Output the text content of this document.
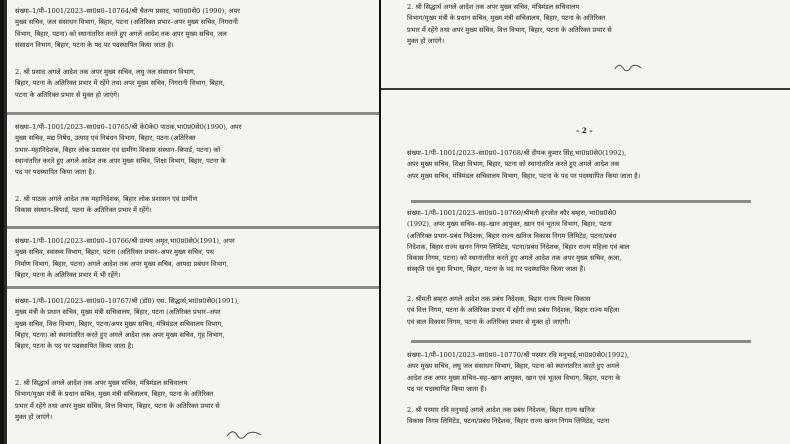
संख्या–1/पी–1001/2023–सा0प्र0–10764/श्री चैतन्य प्रसाद, भा0प्र0से0 (1990), अपर

मुख्य सचिव, जल संसाधन विभाग, बिहार, पटना (अतिरिक्त प्रभार–अपर मुख्य सचिव, निगरानी

विभाग, बिहार, पटना) को स्थानांतरित करते हुए अगले आदेश तक अपर मुख्य सचिव, जल

संसाधन विभाग, बिहार, पटना के पद पर पदस्थापित किया जाता है।

2. श्री प्रसाद अगले आदेश तक अपर मुख्य सचिव, लघु जल संसाधन विभाग,

बिहार, पटना के अतिरिक्त प्रभार में रहेंगे तथा अपर मुख्य सचिव, निगरानी विभाग, बिहार,

पटना के अतिरिक्त प्रभार से मुक्त हो जाएंगे।

संख्या–1/पी–1001/2023–सा0प्र0–10765/श्री के0के0 पाठक,भा0प्र0से0(1990), अपर

मुख्य सचिव, मद्य निषेध, उत्पाद एवं निबंधन विभाग, बिहार, पटना (अतिरिक्त

प्रभार–महानिदेशक, बिहार लोक प्रशासन एवं ग्रामीण विकास संस्थान–बिपार्ड, पटना) को

स्थानांतरित करते हुए अगले आदेश तक अपर मुख्य सचिव, शिक्षा विभाग, बिहार, पटना के

पद पर पदस्थापित किया जाता है।

2. श्री पाठक अगले आदेश तक महानिदेशक, बिहार लोक प्रशासन एवं ग्रामीण

विकास संस्थान–बिपार्ड, पटना के अतिरिक्त प्रभार में रहेंगे।

संख्या–1/पी–1001/2023–सा0प्र0–10766/श्री प्रत्यय अमृत,भा0प्र0से0(1991), अपर

मुख्य सचिव, स्वास्थ्य विभाग, बिहार, पटना (अतिरिक्त प्रभार–अपर मुख्य सचिव, पथ

निर्माण विभाग, बिहार, पटना) अगले आदेश तक अपर मुख्य सचिव, आपदा प्रबंधन विभाग,

बिहार, पटना के अतिरिक्त प्रभार में भी रहेंगे।

संख्या–1/पी–1001/2023–सा0प्र0–10767/श्री (डॉ0) एस. सिद्धार्थ,भा0प्र0से0(1991),

मुख्य मंत्री के प्रधान सचिव, मुख्य मंत्री सचिवालय, बिहार, पटना (अतिरिक्त प्रभार–अपर

मुख्य सचिव, वित्त विभाग, बिहार, पटना/अपर मुख्य सचिव, मंत्रिमंडल सचिवालय विभाग,

बिहार, पटना) को स्थानांतरित करते हुए अगले आदेश तक अपर मुख्य सचिव, गृह विभाग,

बिहार, पटना के पद पर पदस्थापित किया जाता है।

2. श्री सिद्धार्थ अगले आदेश तक अपर मुख्य सचिव, मंत्रिमंडल सचिवालय

विभाग/मुख्य मंत्री के प्रधान सचिव, मुख्य मंत्री सचिवालय, बिहार, पटना के अतिरिक्त

प्रभार में रहेंगे तथा अपर मुख्य सचिव, वित्त विभाग, बिहार, पटना के अतिरिक्त प्रभार से

मुक्त हो जाएंगे।

2. श्री सिद्धार्थ अगले आदेश तक अपर मुख्य सचिव, मंत्रिमंडल सचिवालय

विभाग/मुख्य मंत्री के प्रधान सचिव, मुख्य मंत्री सचिवालय, बिहार, पटना के अतिरिक्त

प्रभार में रहेंगे तथा अपर मुख्य सचिव, वित्त विभाग, बिहार, पटना के अतिरिक्त प्रभार से

मुक्त हो जाएंगे।

– 2 –

संख्या–1/पी–1001/2023–सा0प्र0–10768/श्री दीपक कुमार सिंह,भा0प्र0से0(1992),

अपर मुख्य सचिव, शिक्षा विभाग, बिहार, पटना को स्थानांतरित करते हुए अगले आदेश तक

अपर मुख्य सचिव, मंत्रिमंडल सचिवालय विभाग, बिहार, पटना के पद पर पदस्थापित किया जाता है।

संख्या–1/पी–1001/2023–सा0प्र0–10769/श्रीमती हरजोत कौर बम्हरा, भा0प्र0से0

(1992), अपर मुख्य सचिव–सह–खान आयुक्त, खान एवं भूतत्व विभाग, बिहार, पटना

(अतिरिक्त प्रभार–प्रबंध निदेशक, बिहार राज्य खनिज विकास निगम लिमिटेड, पटना/प्रबंध

निदेशक, बिहार राज्य खनन निगम लिमिटेड, पटना/प्रबंध निदेशक, बिहार राज्य महिला एवं बाल

विकास निगम, पटना) को स्थानांतरित करते हुए अगले आदेश तक अपर मुख्य सचिव, कला,

संस्कृति एवं युवा विभाग, बिहार, पटना के पद पर पदस्थापित किया जाता है।

2. श्रीमती बम्हरा अगले आदेश तक प्रबंध निदेशक, बिहार राज्य फिल्म विकास

एवं वित्त निगम, पटना के अतिरिक्त प्रभार में रहेंगी तथा प्रबंध निदेशक, बिहार राज्य महिला

एवं बाल विकास निगम, पटना के अतिरिक्त प्रभार से मुक्त हो जाएंगी।

संख्या–1/पी–1001/2023–सा0प्र0–10770/श्री परमार रवि मनुभाई,भा0प्र0से0(1992),

अपर मुख्य सचिव, लघु जल संसाधन विभाग, बिहार, पटना को स्थानांतरित करते हुए अगले

आदेश तक अपर मुख्य सचिव–सह–खान आयुक्त, खान एवं भूतत्व विभाग, बिहार, पटना के

पद पर पदस्थापित किया जाता है।

2. श्री परमार रवि मनुभाई अगले आदेश तक प्रबंध निदेशक, बिहार राज्य खनिज

विकास निगम लिमिटेड, पटना/प्रबंध निदेशक, बिहार राज्य खनन निगम लिमिटेड, पटना
